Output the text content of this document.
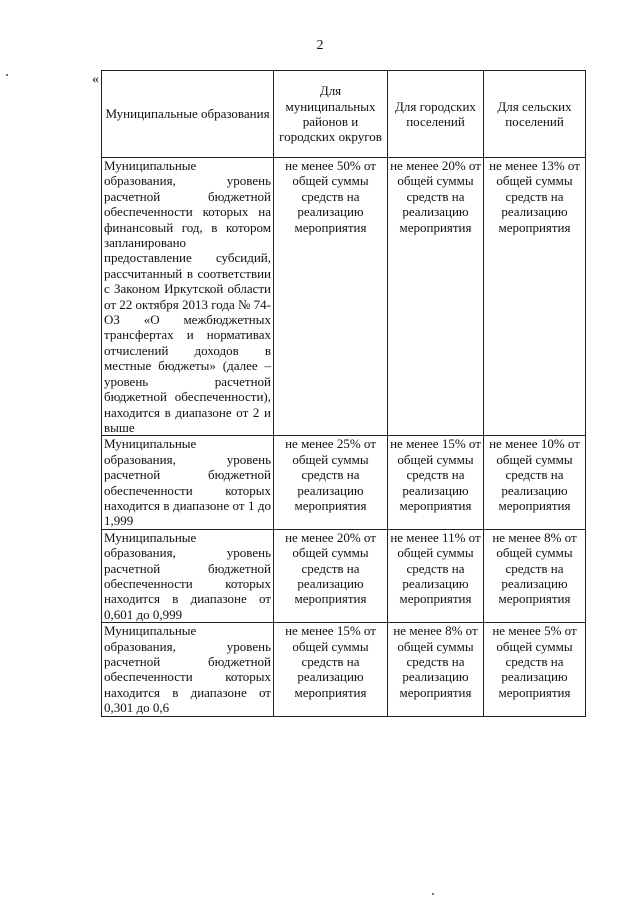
2
«
Муниципальные образования	Для муниципальных районов и городских округов	Для городских поселений	Для сельских поселений
Муниципальные образования, уровень расчетной бюджетной обеспеченности которых на финансовый год, в котором запланировано предоставление субсидий, рассчитанный в соответствии с Законом Иркутской области от 22 октября 2013 года № 74-ОЗ «О межбюджетных трансфертах и нормативах отчислений доходов в местные бюджеты» (далее – уровень расчетной бюджетной обеспеченности), находится в диапазоне от 2 и выше	не менее 50% от общей суммы средств на реализацию мероприятия	не менее 20% от общей суммы средств на реализацию мероприятия	не менее 13% от общей суммы средств на реализацию мероприятия
Муниципальные образования, уровень расчетной бюджетной обеспеченности которых находится в диапазоне от 1 до 1,999	не менее 25% от общей суммы средств на реализацию мероприятия	не менее 15% от общей суммы средств на реализацию мероприятия	не менее 10% от общей суммы средств на реализацию мероприятия
Муниципальные образования, уровень расчетной бюджетной обеспеченности которых находится в диапазоне от 0,601 до 0,999	не менее 20% от общей суммы средств на реализацию мероприятия	не менее 11% от общей суммы средств на реализацию мероприятия	не менее 8% от общей суммы средств на реализацию мероприятия
Муниципальные образования, уровень расчетной бюджетной обеспеченности которых находится в диапазоне от 0,301 до 0,6	не менее 15% от общей суммы средств на реализацию мероприятия	не менее 8% от общей суммы средств на реализацию мероприятия	не менее 5% от общей суммы средств на реализацию мероприятия
